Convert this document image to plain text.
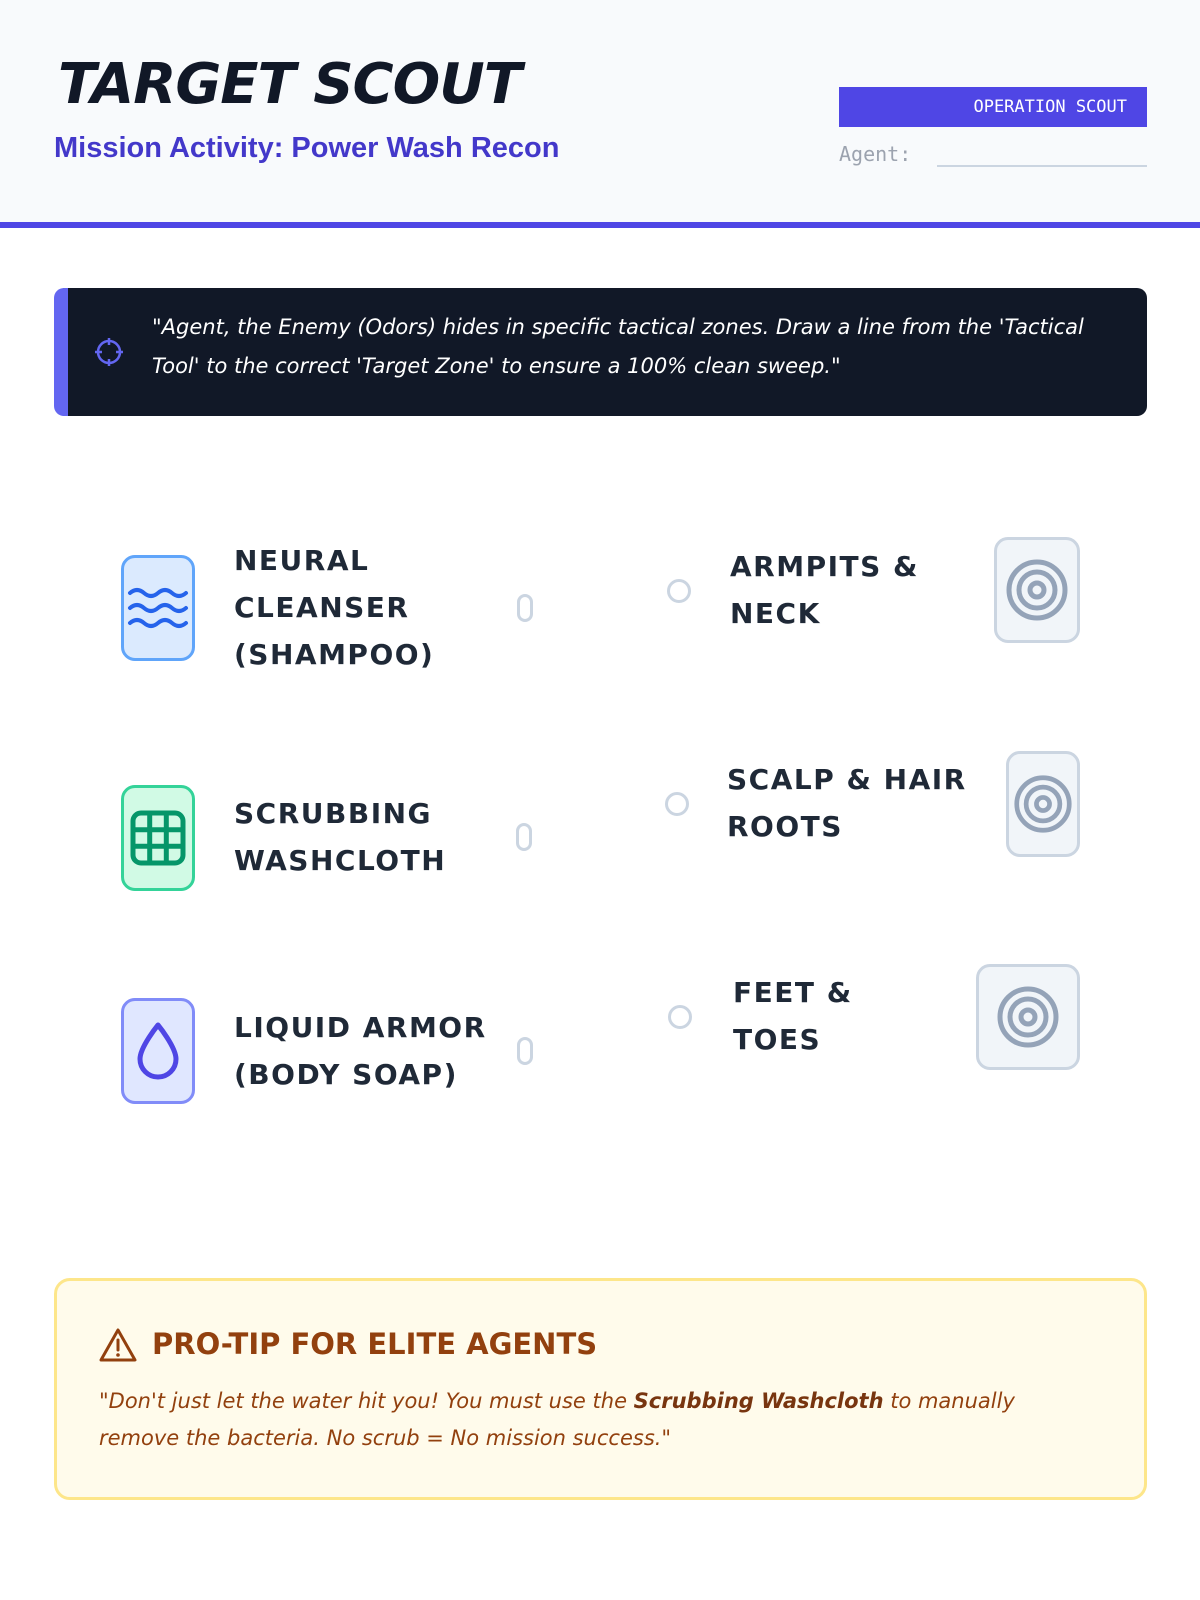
TARGET SCOUT
Mission Activity: Power Wash Recon
OPERATION SCOUT
Agent:
"Agent, the Enemy (Odors) hides in specific tactical zones. Draw a line from the 'Tactical Tool' to the correct 'Target Zone' to ensure a 100% clean sweep."
NEURAL CLEANSER (SHAMPOO)
SCRUBBING WASHCLOTH
LIQUID ARMOR (BODY SOAP)
ARMPITS & NECK
SCALP & HAIR ROOTS
FEET & TOES
PRO-TIP FOR ELITE AGENTS
"Don't just let the water hit you! You must use the Scrubbing Washcloth to manually remove the bacteria. No scrub = No mission success."
